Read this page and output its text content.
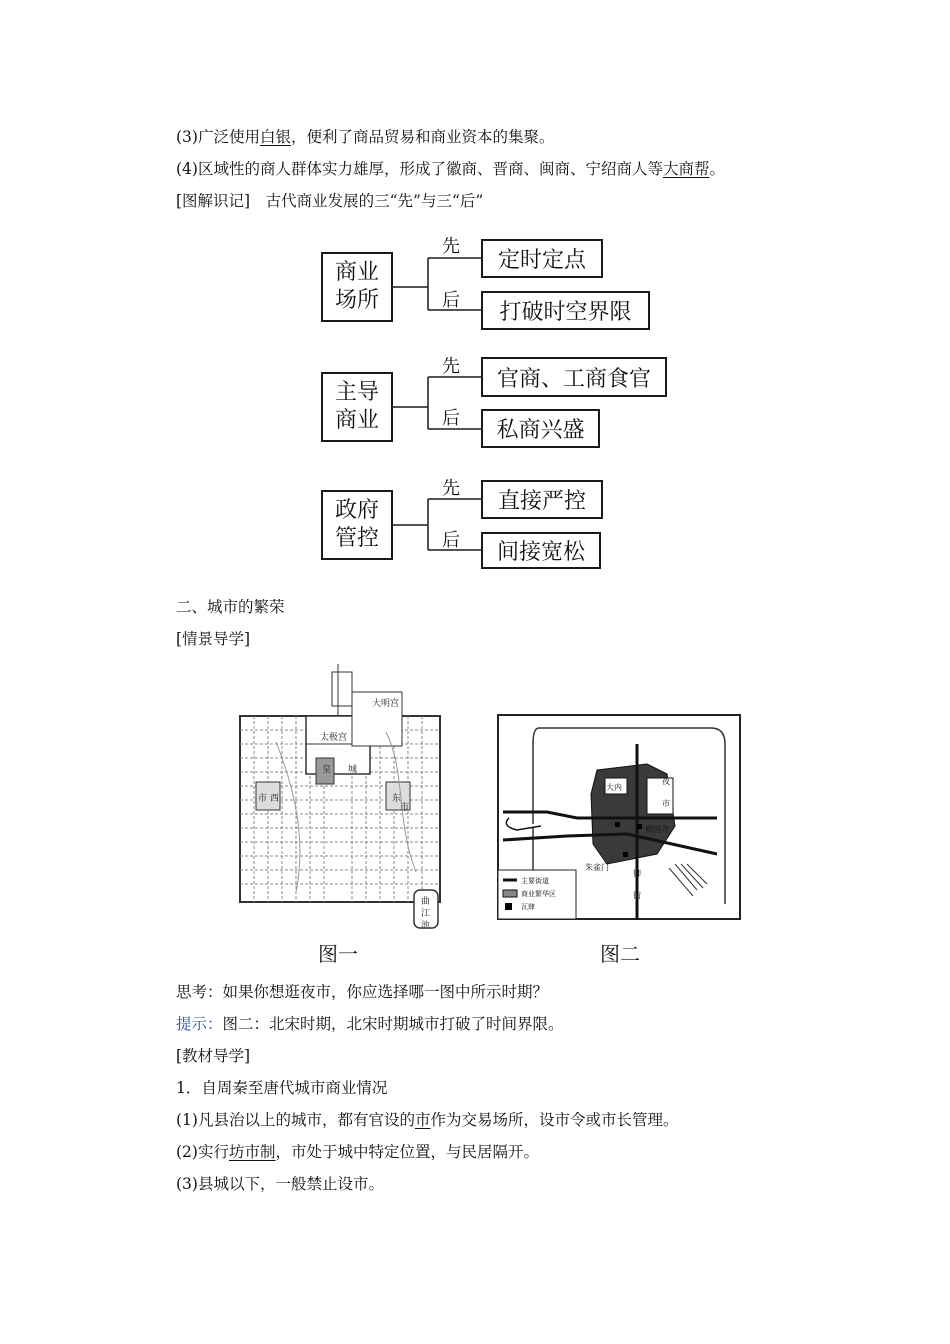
(3)广泛使用白银，便利了商品贸易和商业资本的集聚。
(4)区域性的商人群体实力雄厚，形成了徽商、晋商、闽商、宁绍商人等大商帮。
[图解识记]　古代商业发展的三“先”与三“后”
商业
场所
先
定时定点
后	打破时空界限
主导
商业
先	官商、工商食官
后	私商兴盛
政府
管控
先
直接严控
后	间接宽松
二、城市的繁荣
[情景导学]
大明宫
太极宫
皇 城
市 西	东
市
曲
江
池
夜
市
大内
相国寺
朱雀门
御
街
主要街道
商业繁华区
瓦肆
图一	图二
思考：如果你想逛夜市，你应选择哪一图中所示时期？
提示：图二：北宋时期，北宋时期城市打破了时间界限。
[教材导学]
1．自周秦至唐代城市商业情况
(1)凡县治以上的城市，都有官设的市作为交易场所，设市令或市长管理。
(2)实行坊市制，市处于城中特定位置，与民居隔开。
(3)县城以下，一般禁止设市。
